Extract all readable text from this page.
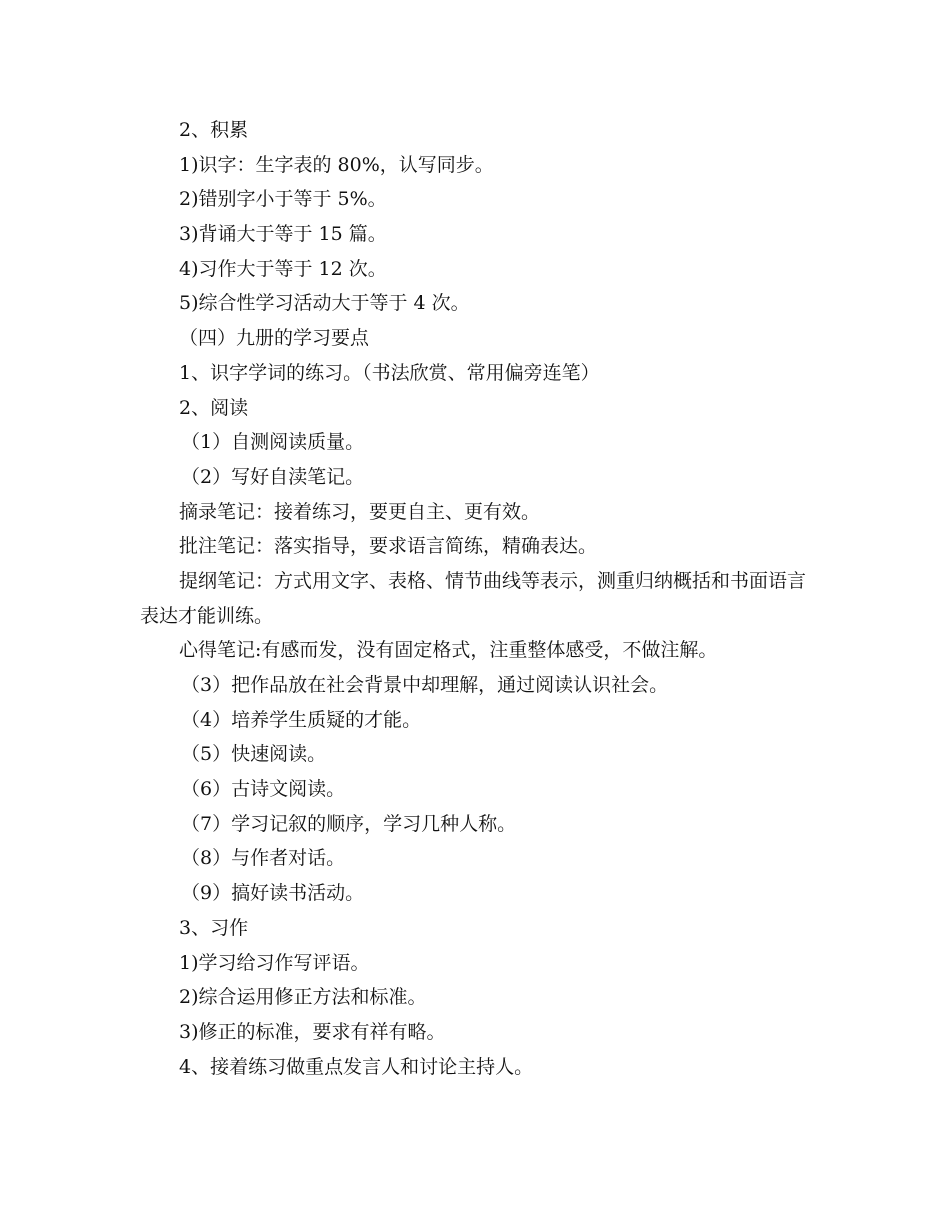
2、积累
1)识字：生字表的 80%，认写同步。
2)错别字小于等于 5%。
3)背诵大于等于 15 篇。
4)习作大于等于 12 次。
5)综合性学习活动大于等于 4 次。
（四）九册的学习要点
1、识字学词的练习。（书法欣赏、常用偏旁连笔）
2、阅读
（1）自测阅读质量。
（2）写好自渎笔记。
摘录笔记：接着练习，要更自主、更有效。
批注笔记：落实指导，要求语言简练，精确表达。
提纲笔记：方式用文字、表格、情节曲线等表示，测重归纳概括和书面语言表达才能训练。
心得笔记:有感而发，没有固定格式，注重整体感受，不做注解。
（3）把作品放在社会背景中却理解，通过阅读认识社会。
（4）培养学生质疑的才能。
（5）快速阅读。
（6）古诗文阅读。
（7）学习记叙的顺序，学习几种人称。
（8）与作者对话。
（9）搞好读书活动。
3、习作
1)学习给习作写评语。
2)综合运用修正方法和标准。
3)修正的标准，要求有祥有略。
4、接着练习做重点发言人和讨论主持人。
